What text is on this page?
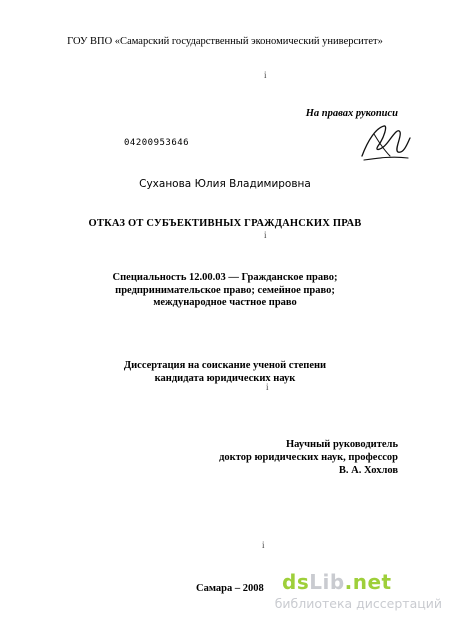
ГОУ ВПО «Самарский государственный экономический университет»
i
На правах рукописи
04200953646
Суханова Юлия Владимировна
ОТКАЗ ОТ СУБЪЕКТИВНЫХ ГРАЖДАНСКИХ ПРАВ
i
Специальность 12.00.03 — Гражданское право;
предпринимательское право; семейное право;
международное частное право
Диссертация на соискание ученой степени
кандидата юридических наук
i
Научный руководитель
доктор юридических наук, профессор
В. А. Хохлов
i
Самара – 2008 dsLib.net
библиотека диссертаций
